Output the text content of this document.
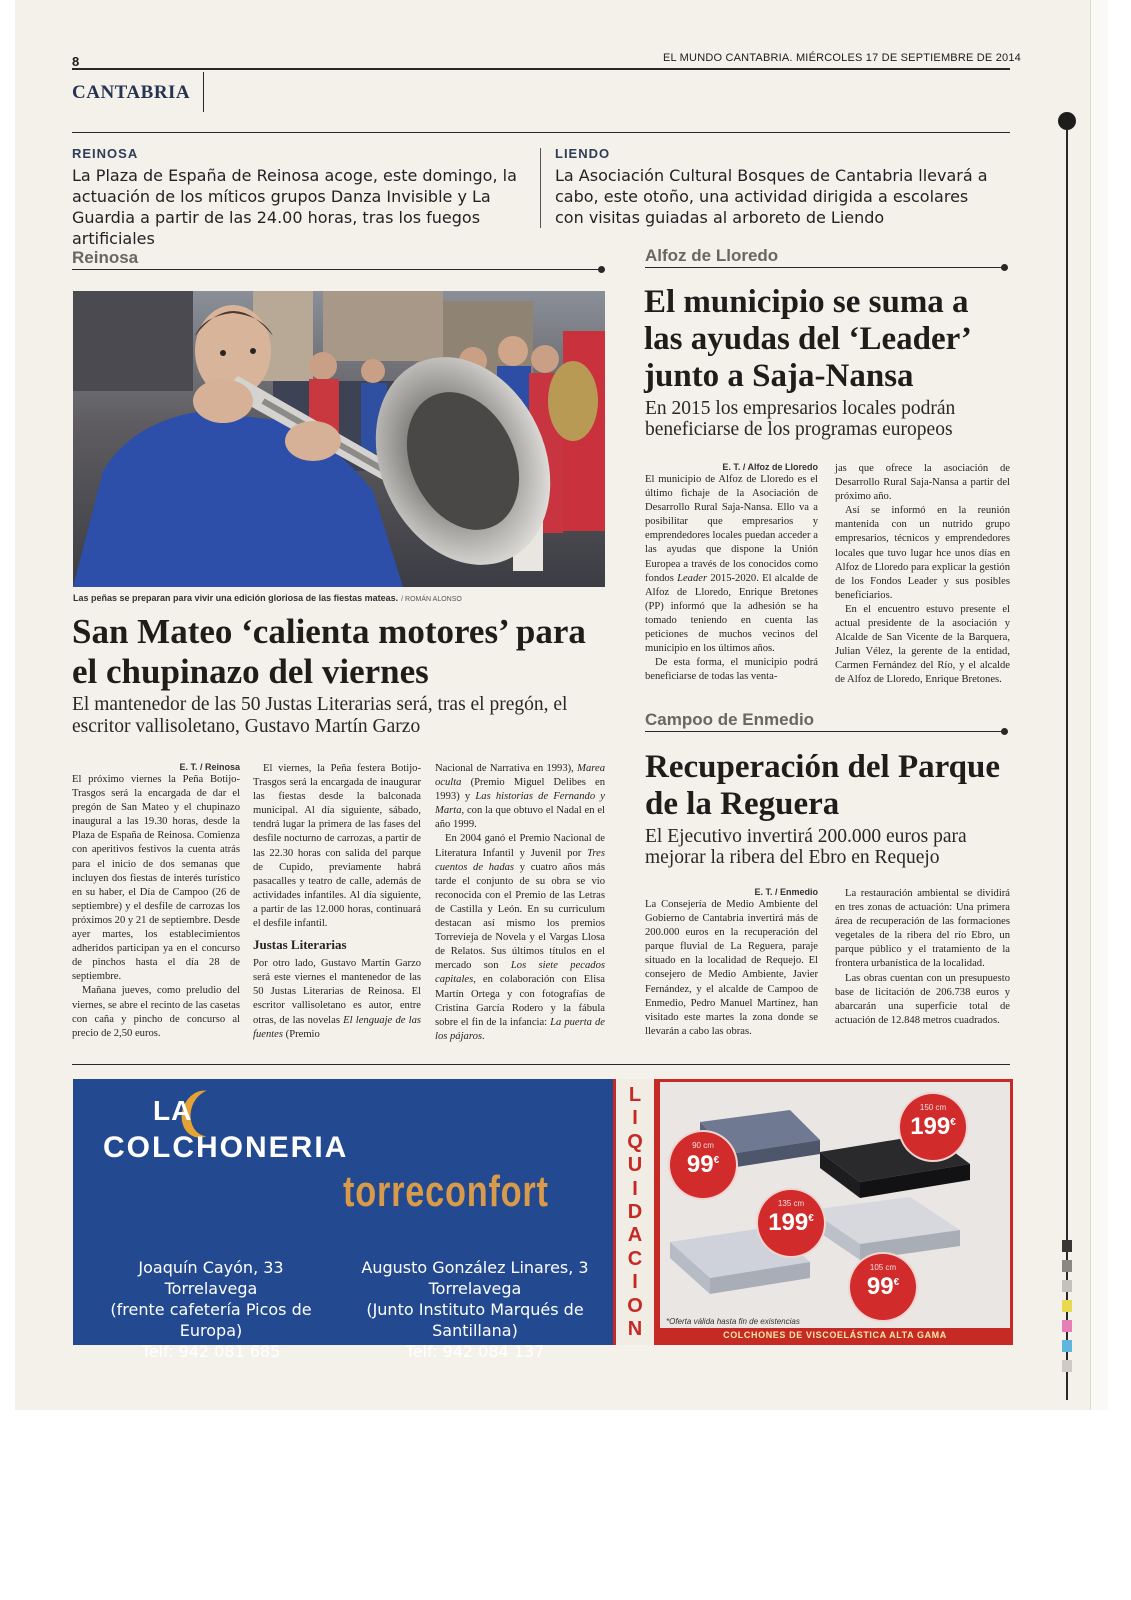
8	EL MUNDO CANTABRIA. MIÉRCOLES 17 DE SEPTIEMBRE DE 2014
CANTABRIA
REINOSA
La Plaza de España de Reinosa acoge, este domingo, la actuación de los míticos grupos Danza Invisible y La Guardia a partir de las 24.00 horas, tras los fuegos artificiales
LIENDO
La Asociación Cultural Bosques de Cantabria llevará a cabo, este otoño, una actividad dirigida a escolares con visitas guiadas al arboreto de Liendo
Reinosa
Las peñas se preparan para vivir una edición gloriosa de las fiestas mateas. / ROMÁN ALONSO
San Mateo ‘calienta motores’ para el chupinazo del viernes
El mantenedor de las 50 Justas Literarias será, tras el pregón, el escritor vallisoletano, Gustavo Martín Garzo
E. T. / Reinosa

El próximo viernes la Peña Botijo-Trasgos será la encargada de dar el pregón de San Mateo y el chupinazo inaugural a las 19.30 horas, desde la Plaza de España de Reinosa. Comienza con aperitivos festivos la cuenta atrás para el inicio de dos semanas que incluyen dos fiestas de interés turístico en su haber, el Día de Campoo (26 de septiembre) y el desfile de carrozas los próximos 20 y 21 de septiembre. Desde ayer martes, los establecimientos adheridos participan ya en el concurso de pinchos hasta el día 28 de septiembre.

Mañana jueves, como preludio del viernes, se abre el recinto de las casetas con caña y pincho de concurso al precio de 2,50 euros.

El viernes, la Peña festera Botijo-Trasgos será la encargada de inaugurar las fiestas desde la balconada municipal. Al día siguiente, sábado, tendrá lugar la primera de las fases del desfile nocturno de carrozas, a partir de las 22.30 horas con salida del parque de Cupido, previamente habrá pasacalles y teatro de calle, además de actividades infantiles. Al día siguiente, a partir de las 12.000 horas, continuará el desfile infantil.

Justas Literarias

Por otro lado, Gustavo Martín Garzo será este viernes el mantenedor de las 50 Justas Literarias de Reinosa. El escritor vallisoletano es autor, entre otras, de las novelas El lenguaje de las fuentes (Premio

Nacional de Narrativa en 1993), Marea oculta (Premio Miguel Delibes en 1993) y Las historias de Fernando y Marta, con la que obtuvo el Nadal en el año 1999.

En 2004 ganó el Premio Nacional de Literatura Infantil y Juvenil por Tres cuentos de hadas y cuatro años más tarde el conjunto de su obra se vio reconocida con el Premio de las Letras de Castilla y León. En su curriculum destacan así mismo los premios Torrevieja de Novela y el Vargas Llosa de Relatos. Sus últimos títulos en el mercado son Los siete pecados capitales, en colaboración con Elisa Martín Ortega y con fotografías de Cristina García Rodero y la fábula sobre el fin de la infancia: La puerta de los pájaros.

Alfoz de Lloredo
El municipio se suma a las ayudas del ‘Leader’ junto a Saja-Nansa
En 2015 los empresarios locales podrán beneficiarse de los programas europeos
E. T. / Alfoz de Lloredo

El municipio de Alfoz de Lloredo es el último fichaje de la Asociación de Desarrollo Rural Saja-Nansa. Ello va a posibilitar que empresarios y emprendedores locales puedan acceder a las ayudas que dispone la Unión Europea a través de los conocidos como fondos Leader 2015-2020. El alcalde de Alfoz de Lloredo, Enrique Bretones (PP) informó que la adhesión se ha tomado teniendo en cuenta las peticiones de muchos vecinos del municipio en los últimos años.

De esta forma, el municipio podrá beneficiarse de todas las venta-

jas que ofrece la asociación de Desarrollo Rural Saja-Nansa a partir del próximo año.

Así se informó en la reunión mantenida con un nutrido grupo empresarios, técnicos y emprendedores locales que tuvo lugar hce unos días en Alfoz de Lloredo para explicar la gestión de los Fondos Leader y sus posibles beneficiarios.

En el encuentro estuvo presente el actual presidente de la asociación y Alcalde de San Vicente de la Barquera, Julian Vélez, la gerente de la entidad, Carmen Fernández del Río, y el alcalde de Alfoz de Lloredo, Enrique Bretones.

Campoo de Enmedio
Recuperación del Parque de la Reguera
El Ejecutivo invertirá 200.000 euros para mejorar la ribera del Ebro en Requejo
E. T. / Enmedio

La Consejería de Medio Ambiente del Gobierno de Cantabria invertirá más de 200.000 euros en la recuperación del parque fluvial de La Reguera, paraje situado en la localidad de Requejo. El consejero de Medio Ambiente, Javier Fernández, y el alcalde de Campoo de Enmedio, Pedro Manuel Martínez, han visitado este martes la zona donde se llevarán a cabo las obras.

La restauración ambiental se dividirá en tres zonas de actuación: Una primera área de recuperación de las formaciones vegetales de la ribera del río Ebro, un parque público y el tratamiento de la frontera urbanística de la localidad.

Las obras cuentan con un presupuesto base de licitación de 206.738 euros y abarcarán una superficie total de actuación de 12.848 metros cuadrados.

LA
COLCHONERIA
torreconfort
Joaquín Cayón, 33 Torrelavega
(frente cafetería Picos de Europa)
Telf: 942 081 685
Augusto González Linares, 3 Torrelavega
(Junto Instituto Marqués de Santillana)
Telf: 942 084 137
L
I
Q
U
I
D
A
C
I
O
N
90 cm
99€
150 cm
199€
135 cm
199€
105 cm
99€
*Oferta válida hasta fin de existencias
COLCHONES DE VISCOELÁSTICA ALTA GAMA
